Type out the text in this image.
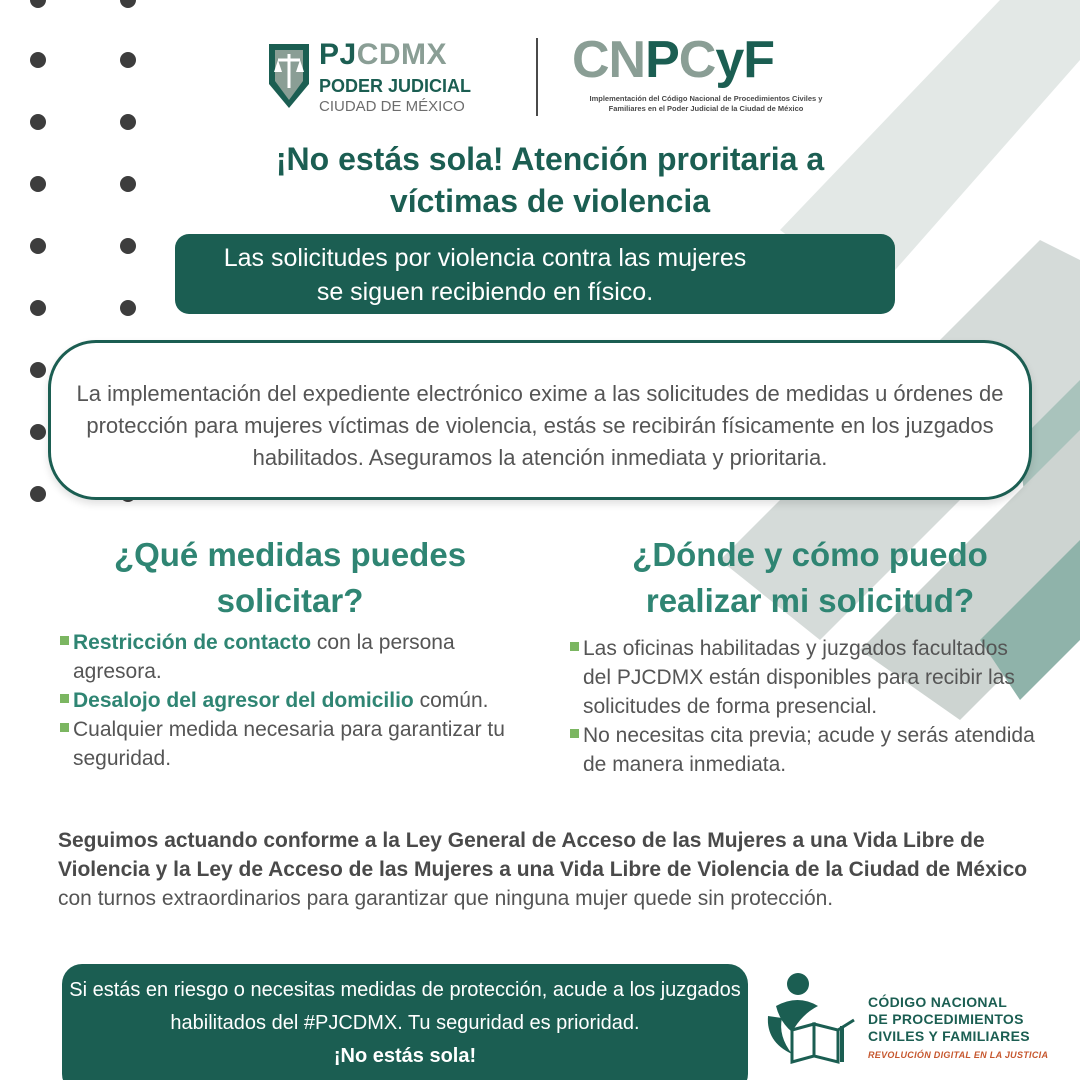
PJCDMX
PODER JUDICIAL
CIUDAD DE MÉXICO
CNPCyF
Implementación del Código Nacional de Procedimientos Civiles y Familiares en el Poder Judicial de la Ciudad de México
¡No estás sola! Atención proritaria a
víctimas de violencia
Las solicitudes por violencia contra las mujeres
se siguen recibiendo en físico.

La implementación del expediente electrónico exime a las solicitudes de medidas u órdenes de protección para mujeres víctimas de violencia, estás se recibirán físicamente en los juzgados habilitados. Aseguramos la atención inmediata y prioritaria.

¿Qué medidas puedes
solicitar?
Restricción de contacto con la persona agresora.
Desalojo del agresor del domicilio común.
Cualquier medida necesaria para garantizar tu seguridad.
¿Dónde y cómo puedo
realizar mi solicitud?
Las oficinas habilitadas y juzgados facultados del PJCDMX están disponibles para recibir las solicitudes de forma presencial.
No necesitas cita previa; acude y serás atendida de manera inmediata.

Seguimos actuando conforme a la Ley General de Acceso de las Mujeres a una Vida Libre de Violencia y la Ley de Acceso de las Mujeres a una Vida Libre de Violencia de la Ciudad de México con turnos extraordinarios para garantizar que ninguna mujer quede sin protección.

Si estás en riesgo o necesitas medidas de protección, acude a los juzgados habilitados del #PJCDMX. Tu seguridad es prioridad.
¡No estás sola!
CÓDIGO NACIONAL
DE PROCEDIMIENTOS
CIVILES Y FAMILIARES
REVOLUCIÓN DIGITAL EN LA JUSTICIA
